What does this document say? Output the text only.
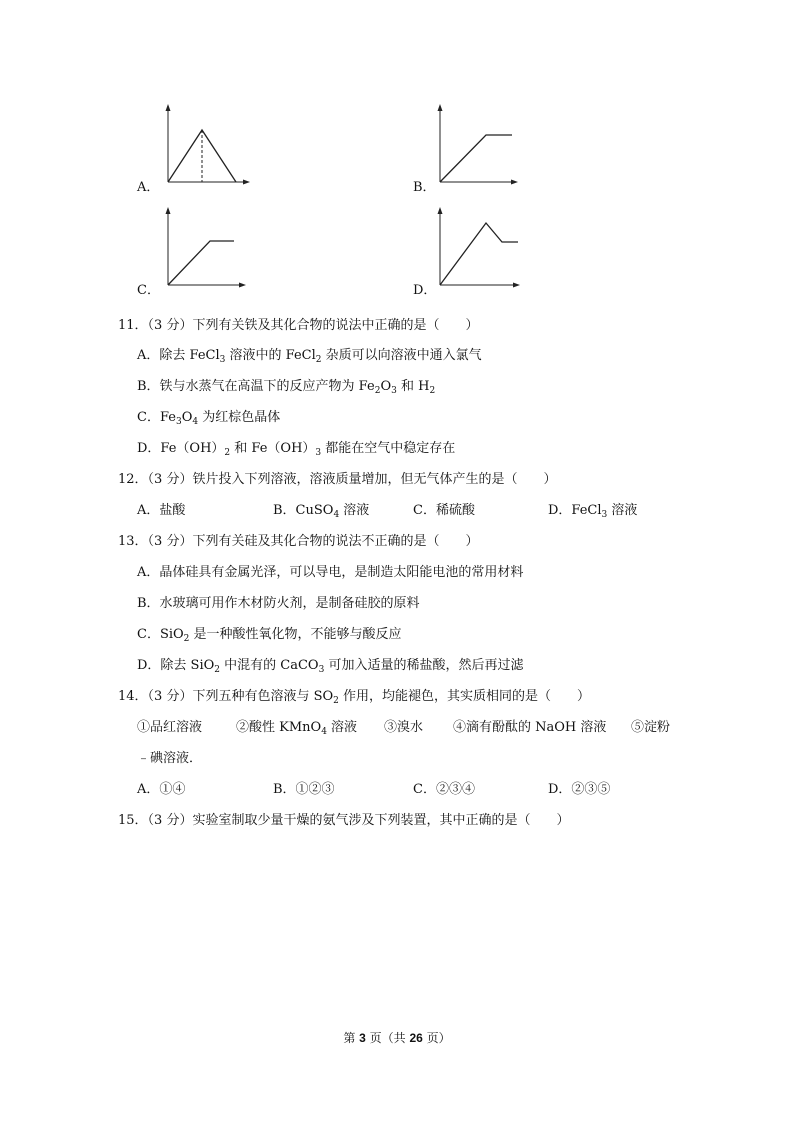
A．	B．
C．	D．
11．（3 分）下列有关铁及其化合物的说法中正确的是（　　）
A．除去 FeCl$_3$ 溶液中的 FeCl$_2$ 杂质可以向溶液中通入氯气
B．铁与水蒸气在高温下的反应产物为 $Fe_2O_3$ 和 $H_2$
C．$Fe_3O_4$ 为红棕色晶体
D．$Fe(OH)_2$ 和 $Fe(OH)_3$ 都能在空气中稳定存在
12．（3 分）铁片投入下列溶液，溶液质量增加，但无气体产生的是（　　）
A．盐酸	B．CuSO$_4$ 溶液	C．稀硫酸	D．FeCl$_3$ 溶液
13．（3 分）下列有关硅及其化合物的说法不正确的是（　　）
A．晶体硅具有金属光泽，可以导电，是制造太阳能电池的常用材料
B．水玻璃可用作木材防火剂，是制备硅胶的原料
C．SiO$_2$ 是一种酸性氧化物，不能够与酸反应
D．除去 SiO$_2$ 中混有的 CaCO$_3$ 可加入适量的稀盐酸，然后再过滤
14．（3 分）下列五种有色溶液与 $SO_2$ 作用，均能褪色，其实质相同的是（　　）
①品红溶液	②酸性 KMnO$_4$ 溶液 ③溴水 ④滴有酚酞的 NaOH 溶液 ⑤淀粉
﹣碘溶液．
A．①④	B．①②③	C．②③④	D．②③⑤
15．（3 分）实验室制取少量干燥的氨气涉及下列装置，其中正确的是（　　）
第 3 页（共 26 页）
